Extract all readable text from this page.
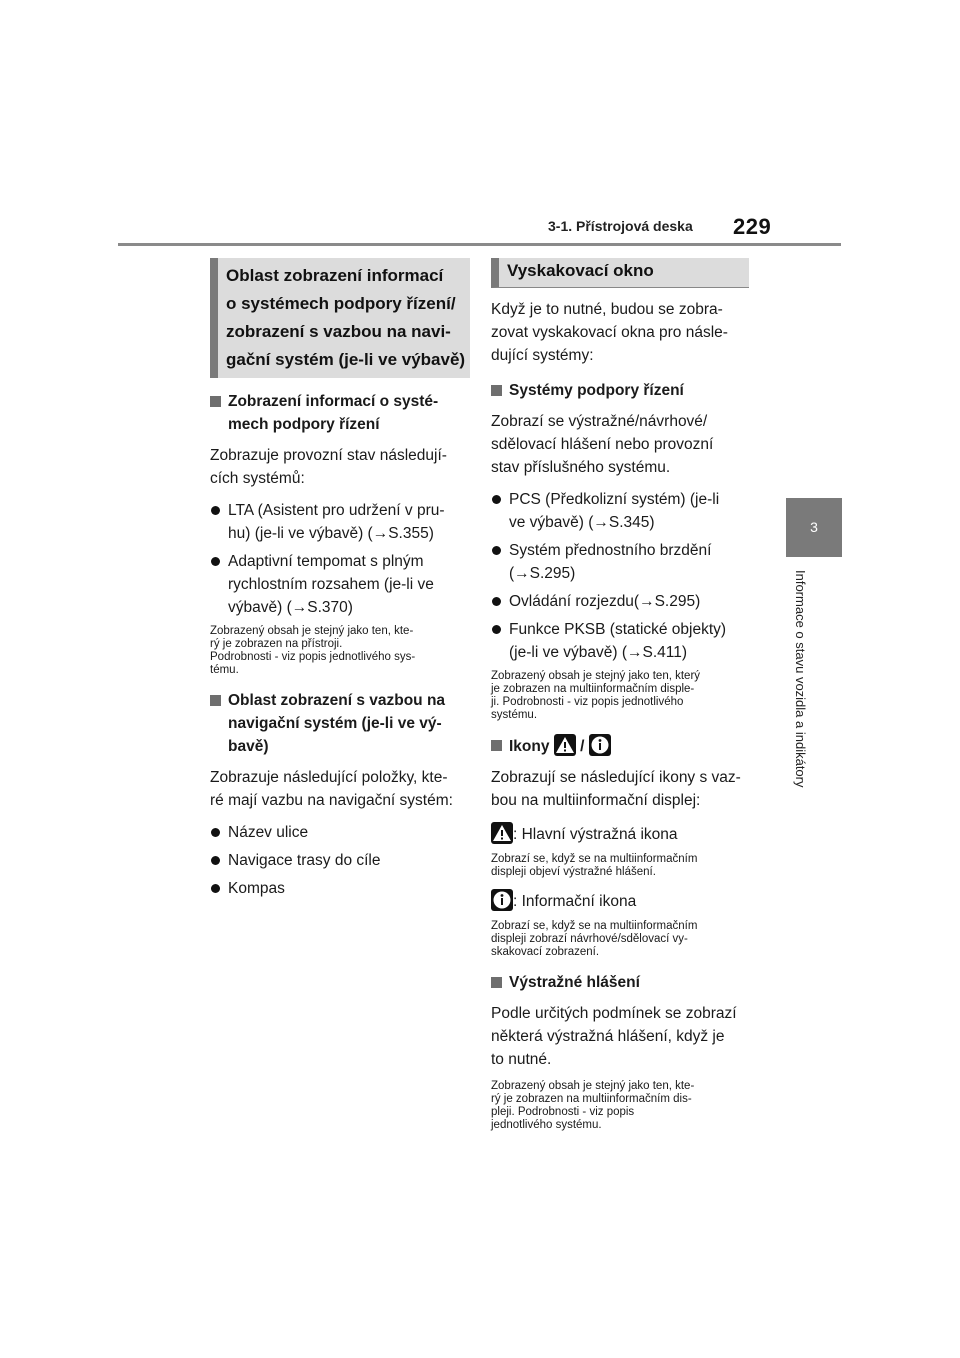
3-1. Přístrojová deska 229
3
Informace o stavu vozidla a indikátory
Oblast zobrazení informací
o systémech podpory řízení/
zobrazení s vazbou na navi-
gační systém (je-li ve výbavě)

Zobrazení informací o systé-
mech podpory řízení

Zobrazuje provozní stav následují-
cích systémů:

LTA (Asistent pro udržení v pru-
hu) (je-li ve výbavě) (→S.355)
Adaptivní tempomat s plným
rychlostním rozsahem (je-li ve
výbavě) (→S.370)

Zobrazený obsah je stejný jako ten, kte-
rý je zobrazen na přístroji.
Podrobnosti - viz popis jednotlivého sys-
tému.

Oblast zobrazení s vazbou na
navigační systém (je-li ve vý-
bavě)

Zobrazuje následující položky, kte-
ré mají vazbu na navigační systém:

Název ulice
Navigace trasy do cíle
Kompas
Vyskakovací okno

Když je to nutné, budou se zobra-
zovat vyskakovací okna pro násle-
dující systémy:

Systémy podpory řízení

Zobrazí se výstražné/návrhové/
sdělovací hlášení nebo provozní
stav příslušného systému.

PCS (Předkolizní systém) (je-li
ve výbavě) (→S.345)
Systém přednostního brzdění
(→S.295)
Ovládání rozjezdu(→S.295)
Funkce PKSB (statické objekty)
(je-li ve výbavě) (→S.411)

Zobrazený obsah je stejný jako ten, který
je zobrazen na multiinformačním disple-
ji. Podrobnosti - viz popis jednotlivého
systému.

Ikony /

Zobrazují se následující ikony s vaz-
bou na multiinformační displej:

: Hlavní výstražná ikona

Zobrazí se, když se na multiinformačním
displeji objeví výstražné hlášení.

: Informační ikona

Zobrazí se, když se na multiinformačním
displeji zobrazí návrhové/sdělovací vy-
skakovací zobrazení.

Výstražné hlášení

Podle určitých podmínek se zobrazí
některá výstražná hlášení, když je
to nutné.

Zobrazený obsah je stejný jako ten, kte-
rý je zobrazen na multiinformačním dis-
pleji. Podrobnosti - viz popis
jednotlivého systému.
